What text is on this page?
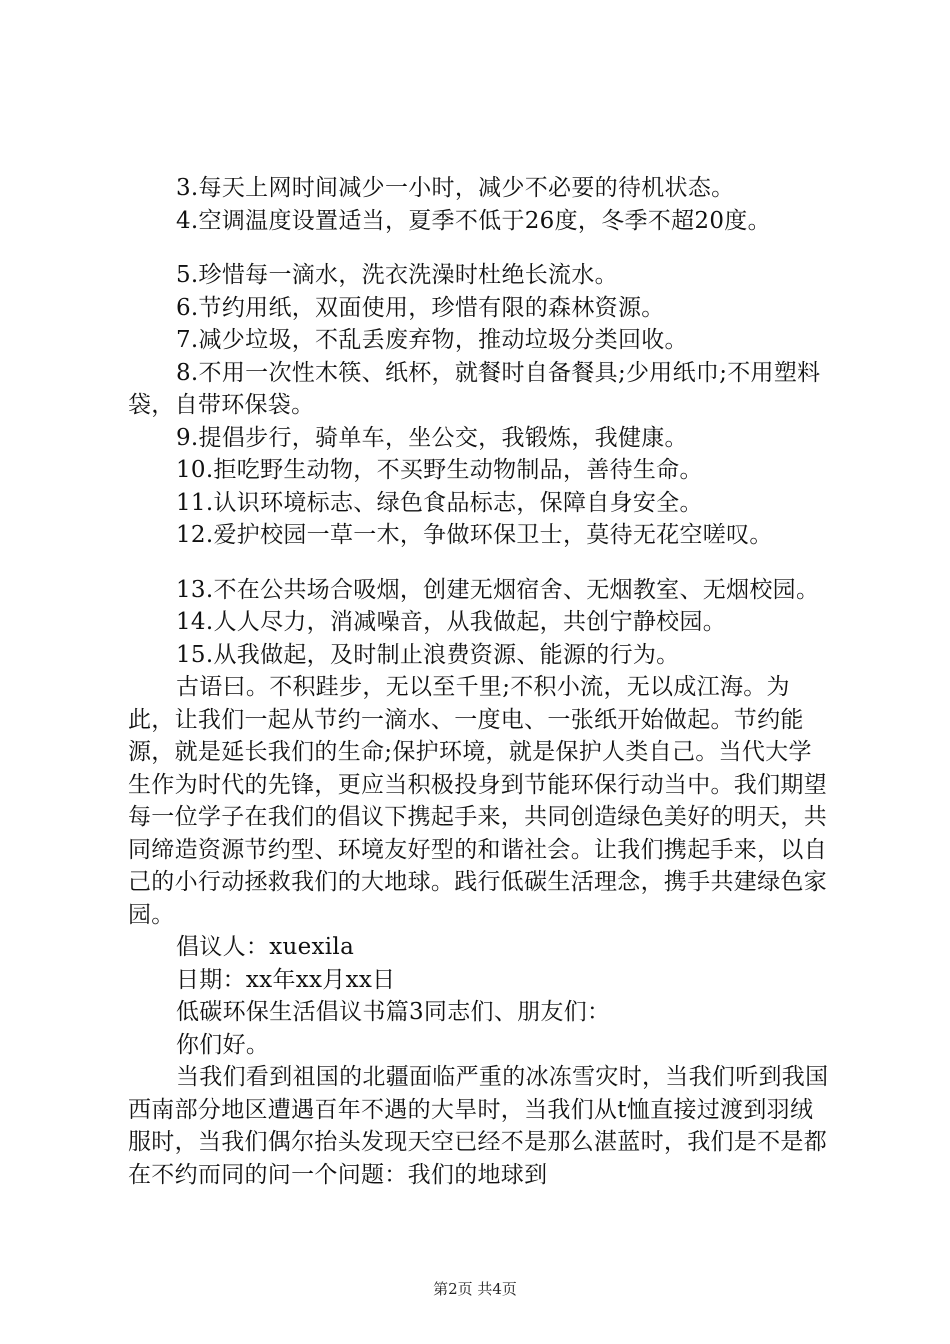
3.每天上网时间减少一小时，减少不必要的待机状态。

4.空调温度设置适当，夏季不低于26度，冬季不超20度。

5.珍惜每一滴水，洗衣洗澡时杜绝长流水。

6.节约用纸，双面使用，珍惜有限的森林资源。

7.减少垃圾，不乱丢废弃物，推动垃圾分类回收。

8.不用一次性木筷、纸杯，就餐时自备餐具;少用纸巾;不用塑料袋，自带环保袋。

9.提倡步行，骑单车，坐公交，我锻炼，我健康。

10.拒吃野生动物，不买野生动物制品，善待生命。

11.认识环境标志、绿色食品标志，保障自身安全。

12.爱护校园一草一木，争做环保卫士，莫待无花空嗟叹。

13.不在公共场合吸烟，创建无烟宿舍、无烟教室、无烟校园。

14.人人尽力，消减噪音，从我做起，共创宁静校园。

15.从我做起，及时制止浪费资源、能源的行为。

古语曰。不积跬步，无以至千里;不积小流，无以成江海。为此，让我们一起从节约一滴水、一度电、一张纸开始做起。节约能源，就是延长我们的生命;保护环境，就是保护人类自己。当代大学生作为时代的先锋，更应当积极投身到节能环保行动当中。我们期望每一位学子在我们的倡议下携起手来，共同创造绿色美好的明天，共同缔造资源节约型、环境友好型的和谐社会。让我们携起手来，以自己的小行动拯救我们的大地球。践行低碳生活理念，携手共建绿色家园。

倡议人：xuexila

日期：xx年xx月xx日

低碳环保生活倡议书篇3同志们、朋友们：

你们好。

当我们看到祖国的北疆面临严重的冰冻雪灾时，当我们听到我国西南部分地区遭遇百年不遇的大旱时，当我们从t恤直接过渡到羽绒服时，当我们偶尔抬头发现天空已经不是那么湛蓝时，我们是不是都在不约而同的问一个问题：我们的地球到

第2页 共4页
